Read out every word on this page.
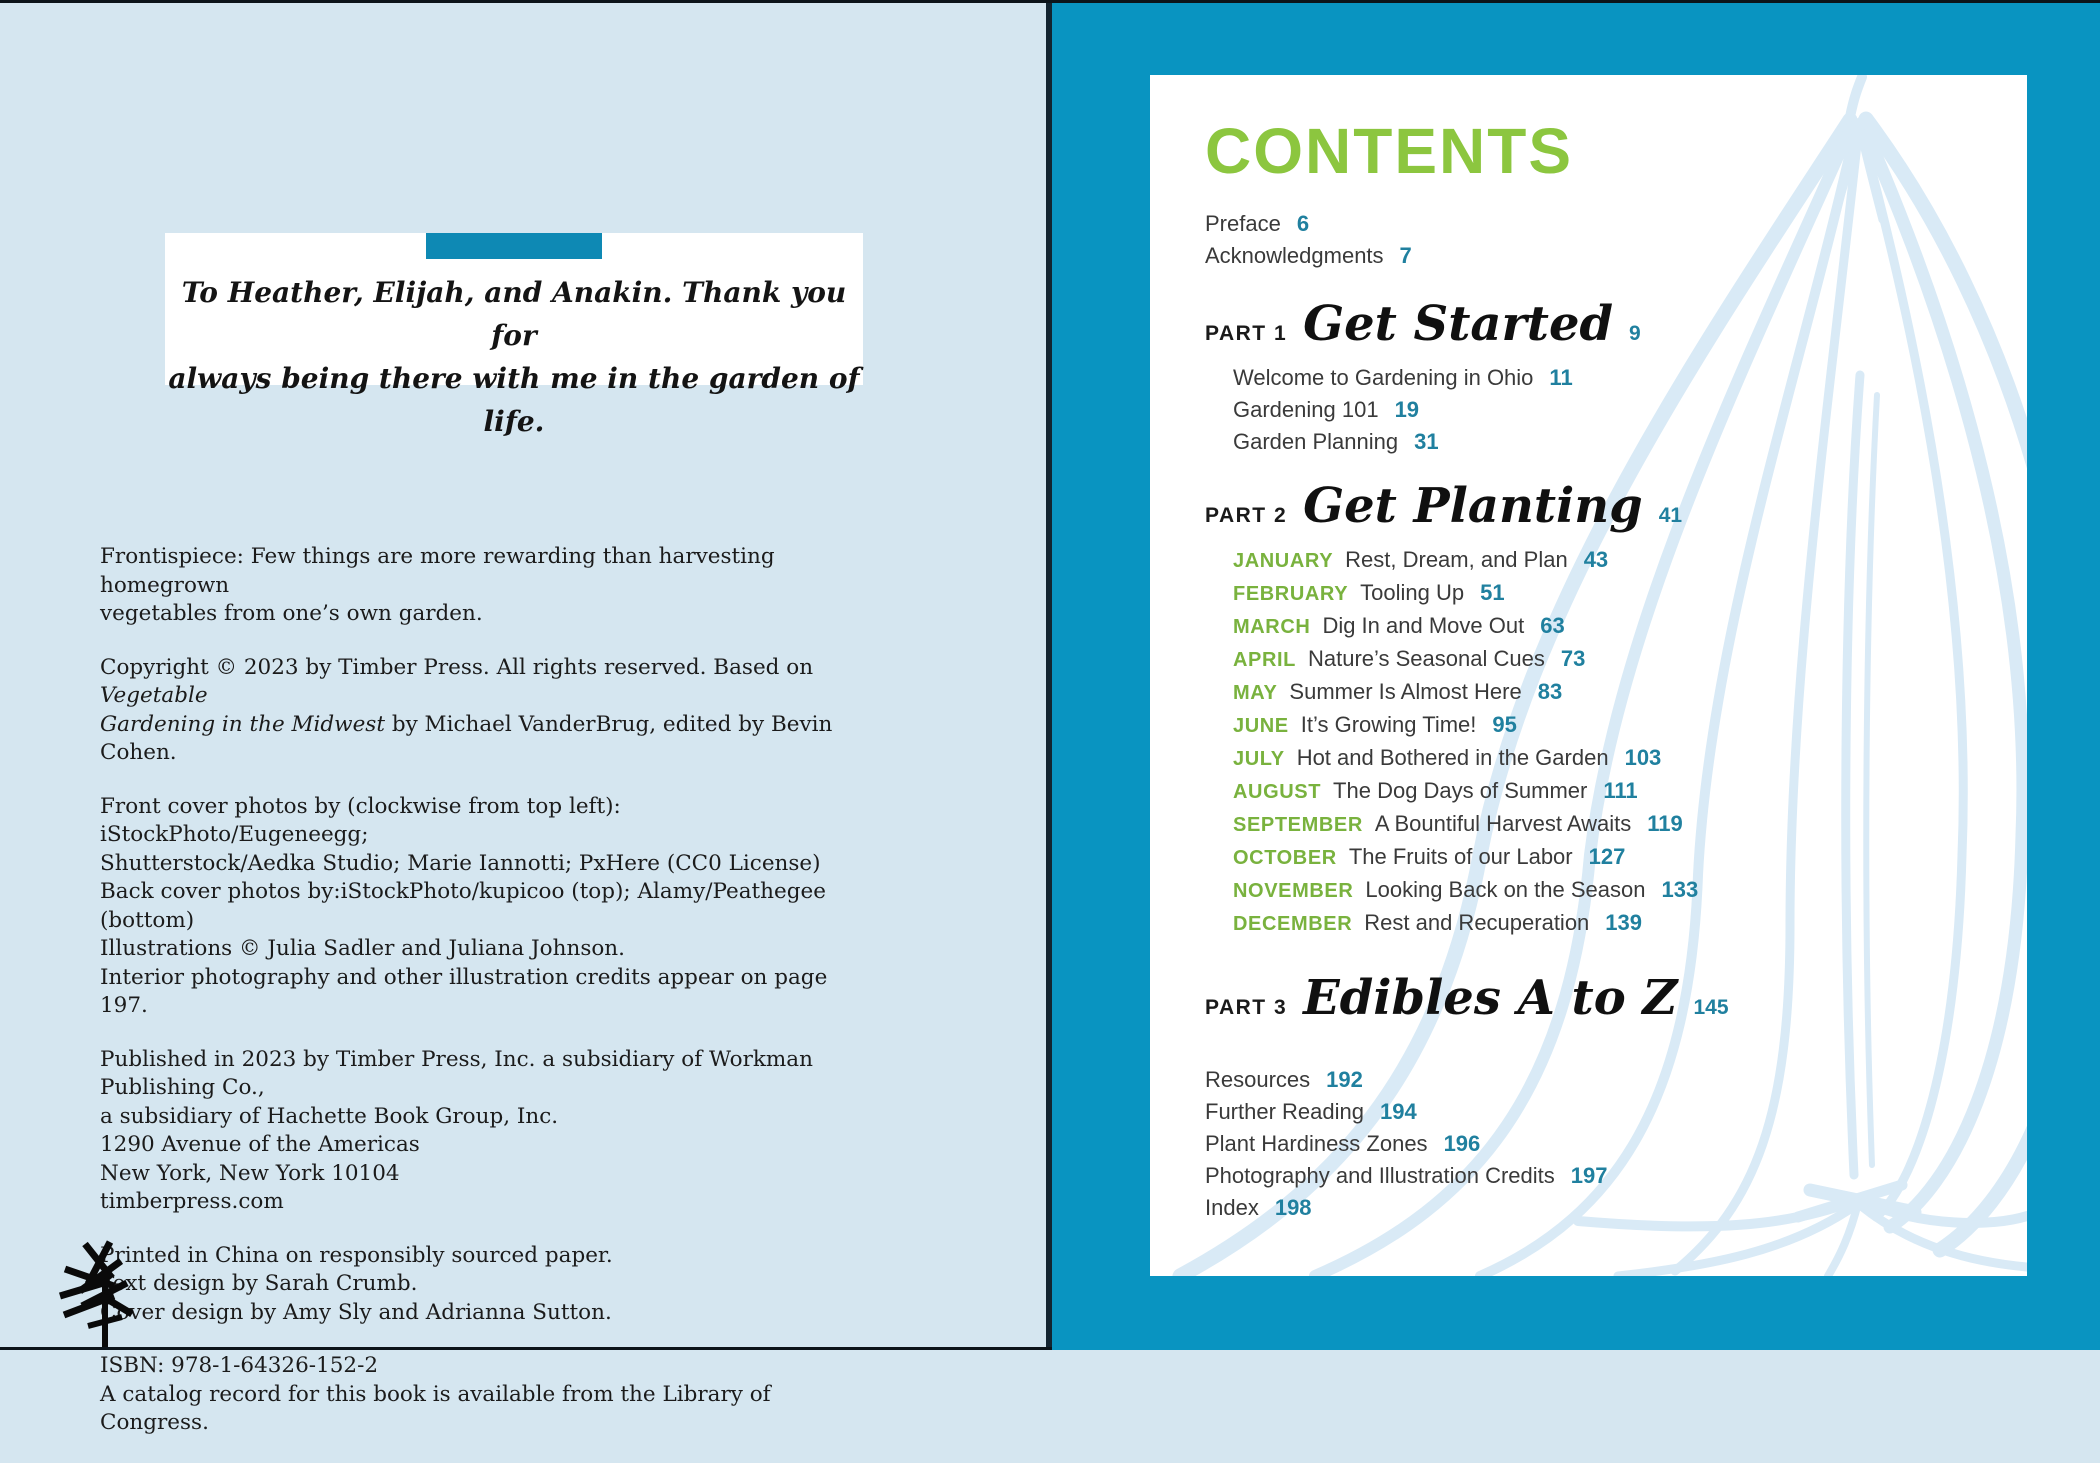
To Heather, Elijah, and Anakin. Thank you for
always being there with me in the garden of life.

Frontispiece: Few things are more rewarding than harvesting homegrown
vegetables from one’s own garden.

Copyright © 2023 by Timber Press. All rights reserved. Based on Vegetable
Gardening in the Midwest by Michael VanderBrug, edited by Bevin Cohen.

Front cover photos by (clockwise from top left): iStockPhoto/Eugeneegg;
Shutterstock/Aedka Studio; Marie Iannotti; PxHere (CC0 License)
Back cover photos by:iStockPhoto/kupicoo (top); Alamy/Peathegee (bottom)
Illustrations © Julia Sadler and Juliana Johnson.
Interior photography and other illustration credits appear on page 197.

Published in 2023 by Timber Press, Inc. a subsidiary of Workman Publishing Co.,
a subsidiary of Hachette Book Group, Inc.
1290 Avenue of the Americas
New York, New York 10104
timberpress.com

Printed in China on responsibly sourced paper.
Text design by Sarah Crumb.
Cover design by Amy Sly and Adrianna Sutton.

ISBN: 978-1-64326-152-2
A catalog record for this book is available from the Library of Congress.

CONTENTS
Preface 6
Acknowledgments 7
PART 1 Get Started 9
Welcome to Gardening in Ohio 11
Gardening 101 19
Garden Planning 31
PART 2 Get Planting 41
JANUARY Rest, Dream, and Plan 43
FEBRUARY Tooling Up 51
MARCH Dig In and Move Out 63
APRIL Nature’s Seasonal Cues 73
MAY Summer Is Almost Here 83
JUNE It’s Growing Time! 95
JULY Hot and Bothered in the Garden 103
AUGUST The Dog Days of Summer 111
SEPTEMBER A Bountiful Harvest Awaits 119
OCTOBER The Fruits of our Labor 127
NOVEMBER Looking Back on the Season 133
DECEMBER Rest and Recuperation 139
PART 3 Edibles A to Z 145
Resources 192
Further Reading 194
Plant Hardiness Zones 196
Photography and Illustration Credits 197
Index 198
